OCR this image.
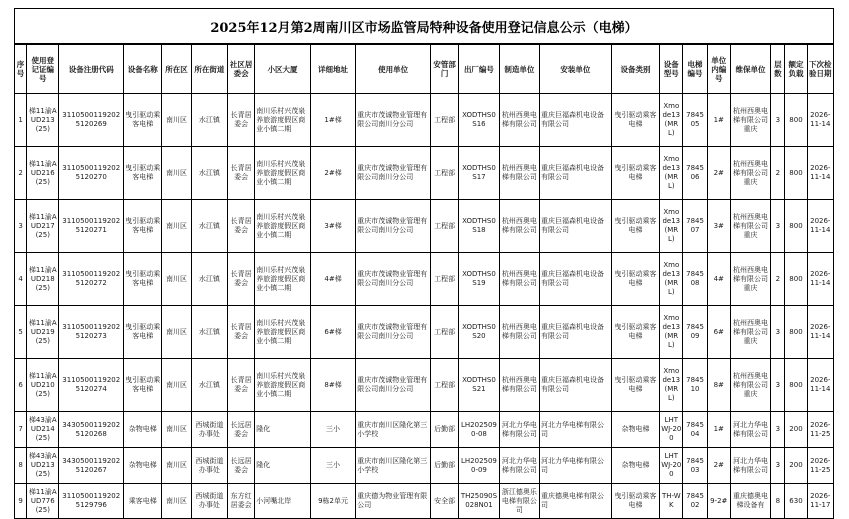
2025年12月第2周南川区市场监管局特种设备使用登记信息公示（电梯）
序号	使用登记证编号	设备注册代码	设备名称	所在区	所在街道	社区居委会	小区大厦	详细地址	使用单位	安管部门	出厂编号	制造单位	安装单位	设备类别	设备型号	电梯编号	单位内编号	维保单位	层数	额定负载	下次检验日期
1	梯11渝AUD213(25)	31105001192025120269	曳引驱动乘客电梯	南川区	水江镇	长青居委会	南川乐村兴茂泉养旅游度假区商业小镇二期	1#梯	重庆市茂诚物业管理有限公司南川分公司	工程部	XODTHS0S16	杭州西奥电梯有限公司	重庆巨福森机电设备有限公司	曳引驱动乘客电梯	Xmode13(MRL)	784505	1#	杭州西奥电梯有限公司重庆	3	800	2026-11-14
2	梯11渝AUD216(25)	31105001192025120270	曳引驱动乘客电梯	南川区	水江镇	长青居委会	南川乐村兴茂泉养旅游度假区商业小镇二期	2#梯	重庆市茂诚物业管理有限公司南川分公司	工程部	XODTHS0S17	杭州西奥电梯有限公司	重庆巨福森机电设备有限公司	曳引驱动乘客电梯	Xmode13(MRL)	784506	2#	杭州西奥电梯有限公司重庆	2	800	2026-11-14
3	梯11渝AUD217(25)	31105001192025120271	曳引驱动乘客电梯	南川区	水江镇	长青居委会	南川乐村兴茂泉养旅游度假区商业小镇二期	3#梯	重庆市茂诚物业管理有限公司南川分公司	工程部	XODTHS0S18	杭州西奥电梯有限公司	重庆巨福森机电设备有限公司	曳引驱动乘客电梯	Xmode13(MRL)	784507	3#	杭州西奥电梯有限公司重庆	3	800	2026-11-14
4	梯11渝AUD218(25)	31105001192025120272	曳引驱动乘客电梯	南川区	水江镇	长青居委会	南川乐村兴茂泉养旅游度假区商业小镇二期	4#梯	重庆市茂诚物业管理有限公司南川分公司	工程部	XODTHS0S19	杭州西奥电梯有限公司	重庆巨福森机电设备有限公司	曳引驱动乘客电梯	Xmode13(MRL)	784508	4#	杭州西奥电梯有限公司重庆	2	800	2026-11-14
5	梯11渝AUD219(25)	31105001192025120273	曳引驱动乘客电梯	南川区	水江镇	长青居委会	南川乐村兴茂泉养旅游度假区商业小镇二期	6#梯	重庆市茂诚物业管理有限公司南川分公司	工程部	XODTHS0S20	杭州西奥电梯有限公司	重庆巨福森机电设备有限公司	曳引驱动乘客电梯	Xmode13(MRL)	784509	6#	杭州西奥电梯有限公司重庆	3	800	2026-11-14
6	梯11渝AUD210(25)	31105001192025120274	曳引驱动乘客电梯	南川区	水江镇	长青居委会	南川乐村兴茂泉养旅游度假区商业小镇二期	8#梯	重庆市茂诚物业管理有限公司南川分公司	工程部	XODTHS0S21	杭州西奥电梯有限公司	重庆巨福森机电设备有限公司	曳引驱动乘客电梯	Xmode13(MRL)	784510	8#	杭州西奥电梯有限公司重庆	3	800	2026-11-14
7	梯43渝AUD214(25)	34305001192025120268	杂物电梯	南川区	西城街道办事处	长远居委会	隆化	三小	重庆市南川区隆化第三小学校	后勤部	LH2025090-08	河北力华电梯有限公司	河北力华电梯有限公司	杂物电梯	LHTWJ-200	784504	1#	河北力华电梯有限公司	3	200	2026-11-25
8	梯43渝AUD213(25)	34305001192025120267	杂物电梯	南川区	西城街道办事处	长远居委会	隆化	三小	重庆市南川区隆化第三小学校	后勤部	LH2025090-09	河北力华电梯有限公司	河北力华电梯有限公司	杂物电梯	LHTWJ-200	784503	2#	河北力华电梯有限公司	3	200	2026-11-25
9	梯11渝AUD776(25)	31105001192025129796	乘客电梯	南川区	西城街道办事处	东方红居委会	小河嘴北岸	9栋2单元	重庆德为物业管理有限公司	安全部	TH25090S028N01	浙江德奥乐电梯有限公司	重庆德奥电梯有限公司	曳引驱动乘客电梯	TH-WK	784502	9-2#	重庆德奥电梯设备有	8	630	2026-11-17
